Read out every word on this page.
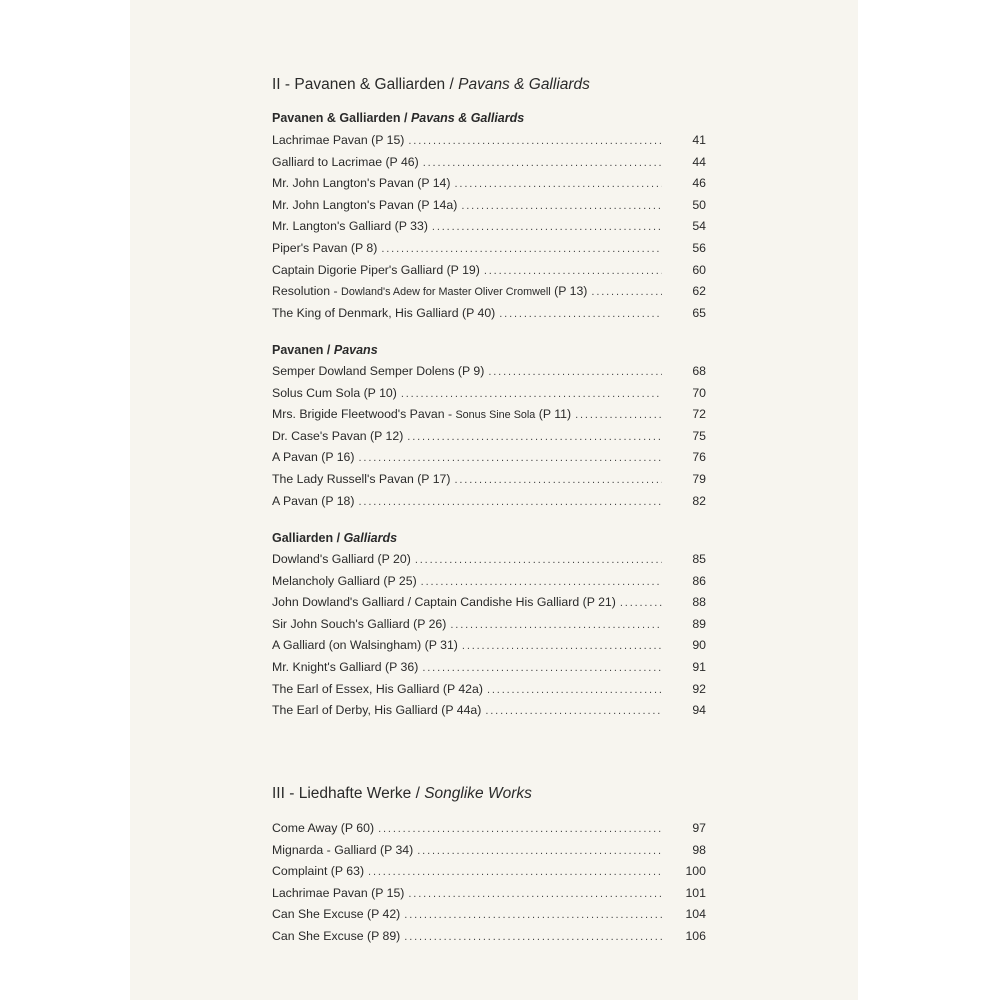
II - Pavanen & Galliarden / Pavans & Galliards
Pavanen & Galliarden / Pavans & Galliards
Lachrimae Pavan (P 15) . . .	41
Galliard to Lacrimae (P 46) . . .	44
Mr. John Langton's Pavan (P 14) . . .	46
Mr. John Langton's Pavan (P 14a) . . .	50
Mr. Langton's Galliard (P 33) . . .	54
Piper's Pavan (P 8) . . .	56
Captain Digorie Piper's Galliard (P 19) . . .	60
Resolution - Dowland's Adew for Master Oliver Cromwell (P 13) . . .	62
The King of Denmark, His Galliard (P 40) . . .	65
Pavanen / Pavans
Semper Dowland Semper Dolens (P 9) . . .	68
Solus Cum Sola (P 10) . . .	70
Mrs. Brigide Fleetwood's Pavan - Sonus Sine Sola (P 11) . . .	72
Dr. Case's Pavan (P 12) . . .	75
A Pavan (P 16) . . .	76
The Lady Russell's Pavan (P 17) . . .	79
A Pavan (P 18) . . .	82
Galliarden / Galliards
Dowland's Galliard (P 20) . . .	85
Melancholy Galliard (P 25) . . .	86
John Dowland's Galliard / Captain Candishe His Galliard (P 21) . . .	88
Sir John Souch's Galliard (P 26) . . .	89
A Galliard (on Walsingham) (P 31) . . .	90
Mr. Knight's Galliard (P 36) . . .	91
The Earl of Essex, His Galliard (P 42a) . . .	92
The Earl of Derby, His Galliard (P 44a) . . .	94
III - Liedhafte Werke / Songlike Works
Come Away (P 60) . . .	97
Mignarda - Galliard (P 34) . . .	98
Complaint (P 63) . . .	100
Lachrimae Pavan (P 15) . . .	101
Can She Excuse (P 42) . . .	104
Can She Excuse (P 89) . . .	106
